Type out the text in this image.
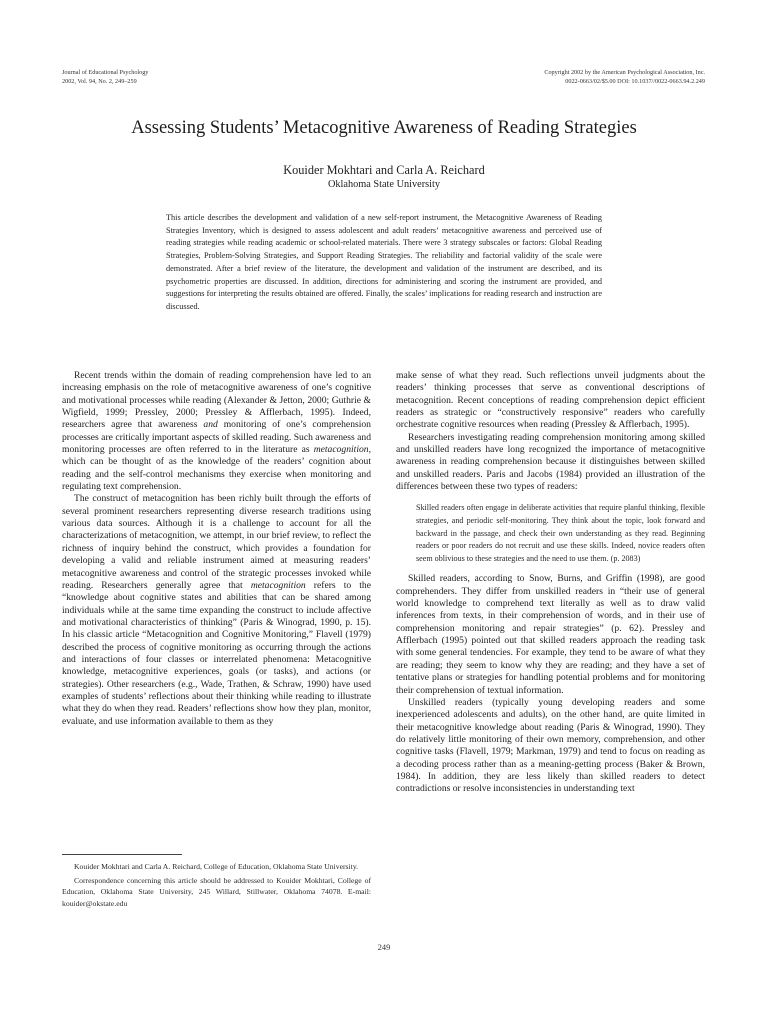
Journal of Educational Psychology
2002, Vol. 94, No. 2, 249–259
Copyright 2002 by the American Psychological Association, Inc.
0022-0663/02/$5.00 DOI: 10.1037//0022-0663.94.2.249
Assessing Students’ Metacognitive Awareness of Reading Strategies
Kouider Mokhtari and Carla A. Reichard
Oklahoma State University

This article describes the development and validation of a new self-report instrument, the Metacognitive Awareness of Reading Strategies Inventory, which is designed to assess adolescent and adult readers’ metacognitive awareness and perceived use of reading strategies while reading academic or school-related materials. There were 3 strategy subscales or factors: Global Reading Strategies, Problem-Solving Strategies, and Support Reading Strategies. The reliability and factorial validity of the scale were demonstrated. After a brief review of the literature, the development and validation of the instrument are described, and its psychometric properties are discussed. In addition, directions for administering and scoring the instrument are provided, and suggestions for interpreting the results obtained are offered. Finally, the scales’ implications for reading research and instruction are discussed.

Recent trends within the domain of reading comprehension have led to an increasing emphasis on the role of metacognitive awareness of one’s cognitive and motivational processes while reading (Alexander & Jetton, 2000; Guthrie & Wigfield, 1999; Pressley, 2000; Pressley & Afflerbach, 1995). Indeed, researchers agree that awareness and monitoring of one’s comprehension processes are critically important aspects of skilled reading. Such awareness and monitoring processes are often referred to in the literature as metacognition, which can be thought of as the knowledge of the readers’ cognition about reading and the self-control mechanisms they exercise when monitoring and regulating text comprehension.

The construct of metacognition has been richly built through the efforts of several prominent researchers representing diverse research traditions using various data sources. Although it is a challenge to account for all the characterizations of metacognition, we attempt, in our brief review, to reflect the richness of inquiry behind the construct, which provides a foundation for developing a valid and reliable instrument aimed at measuring readers’ metacognitive awareness and control of the strategic processes invoked while reading. Researchers generally agree that metacognition refers to the “knowledge about cognitive states and abilities that can be shared among individuals while at the same time expanding the construct to include affective and motivational characteristics of thinking” (Paris & Winograd, 1990, p. 15). In his classic article “Metacognition and Cognitive Monitoring,” Flavell (1979) described the process of cognitive monitoring as occurring through the actions and interactions of four classes or interrelated phenomena: Metacognitive knowledge, metacognitive experiences, goals (or tasks), and actions (or strategies). Other researchers (e.g., Wade, Trathen, & Schraw, 1990) have used examples of students’ reflections about their thinking while reading to illustrate what they do when they read. Readers’ reflections show how they plan, monitor, evaluate, and use information available to them as they

make sense of what they read. Such reflections unveil judgments about the readers’ thinking processes that serve as conventional descriptions of metacognition. Recent conceptions of reading comprehension depict efficient readers as strategic or “constructively responsive” readers who carefully orchestrate cognitive resources when reading (Pressley & Afflerbach, 1995).

Researchers investigating reading comprehension monitoring among skilled and unskilled readers have long recognized the importance of metacognitive awareness in reading comprehension because it distinguishes between skilled and unskilled readers. Paris and Jacobs (1984) provided an illustration of the differences between these two types of readers:

Skilled readers often engage in deliberate activities that require planful thinking, flexible strategies, and periodic self-monitoring. They think about the topic, look forward and backward in the passage, and check their own understanding as they read. Beginning readers or poor readers do not recruit and use these skills. Indeed, novice readers often seem oblivious to these strategies and the need to use them. (p. 2083)

Skilled readers, according to Snow, Burns, and Griffin (1998), are good comprehenders. They differ from unskilled readers in “their use of general world knowledge to comprehend text literally as well as to draw valid inferences from texts, in their comprehension of words, and in their use of comprehension monitoring and repair strategies” (p. 62). Pressley and Afflerbach (1995) pointed out that skilled readers approach the reading task with some general tendencies. For example, they tend to be aware of what they are reading; they seem to know why they are reading; and they have a set of tentative plans or strategies for handling potential problems and for monitoring their comprehension of textual information.

Unskilled readers (typically young developing readers and some inexperienced adolescents and adults), on the other hand, are quite limited in their metacognitive knowledge about reading (Paris & Winograd, 1990). They do relatively little monitoring of their own memory, comprehension, and other cognitive tasks (Flavell, 1979; Markman, 1979) and tend to focus on reading as a decoding process rather than as a meaning-getting process (Baker & Brown, 1984). In addition, they are less likely than skilled readers to detect contradictions or resolve inconsistencies in understanding text

Kouider Mokhtari and Carla A. Reichard, College of Education, Oklahoma State University.

Correspondence concerning this article should be addressed to Kouider Mokhtari, College of Education, Oklahoma State University, 245 Willard, Stillwater, Oklahoma 74078. E-mail: kouider@okstate.edu

249
